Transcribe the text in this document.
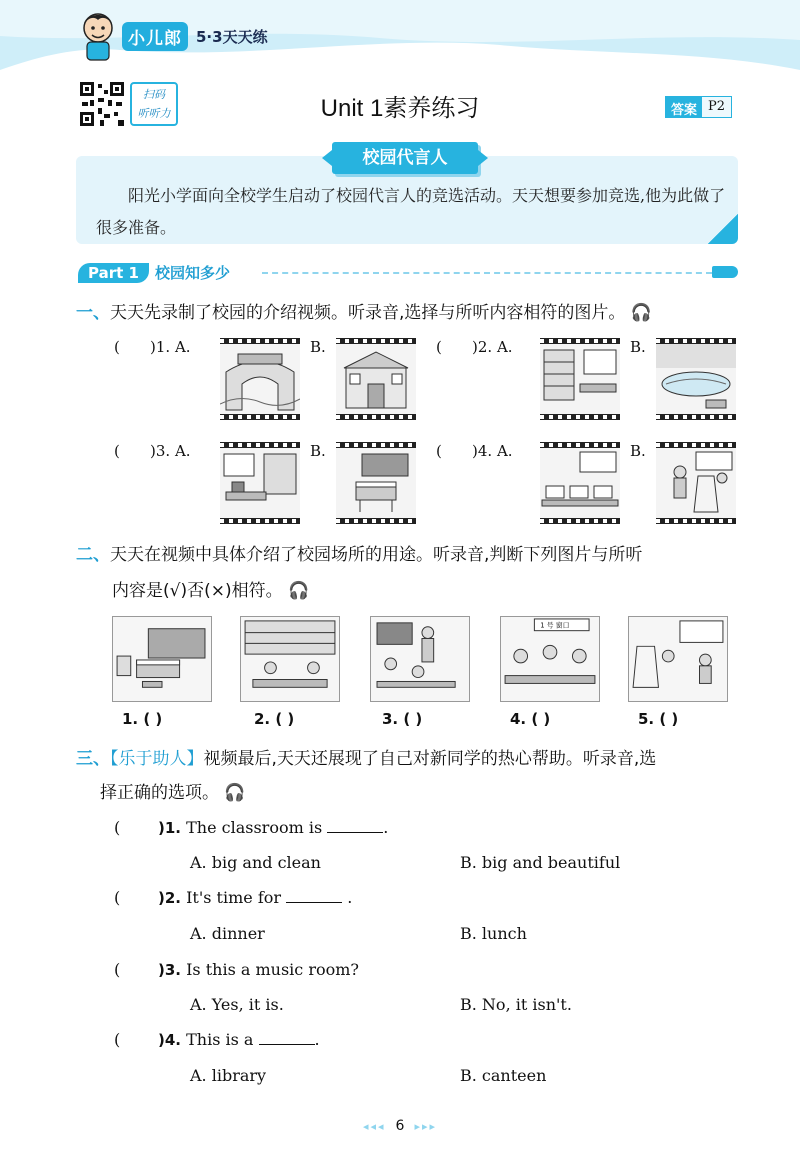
小儿郎 5·3天天练
扫码
听听力	Unit 1素养练习	答案 P2
校园代言人
阳光小学面向全校学生启动了校园代言人的竞选活动。天天想要参加竞选,他为此做了很多准备。
Part 1	校园知多少
一、天天先录制了校园的介绍视频。听录音,选择与所听内容相符的图片。 🎧
( )1. A.	B.	( )2. A.	B.
( )3. A.	B.	( )4. A.	B.
二、天天在视频中具体介绍了校园场所的用途。听录音,判断下列图片与所听
内容是(√)否(×)相符。 🎧
1 号 窗口
1. ( )	2. ( )	3. ( )	4. ( )	5. ( )
三、【乐于助人】视频最后,天天还展现了自己对新同学的热心帮助。听录音,选
择正确的选项。 🎧
(	)1. The classroom is	.
A. big and clean	B. big and beautiful
(	)2. It's time for	.
A. dinner	B. lunch
(	)3. Is this a music room?
A. Yes, it is.	B. No, it isn't.
(	)4. This is a	.
A. library	B. canteen
◂◂◂ 6 ▸▸▸
